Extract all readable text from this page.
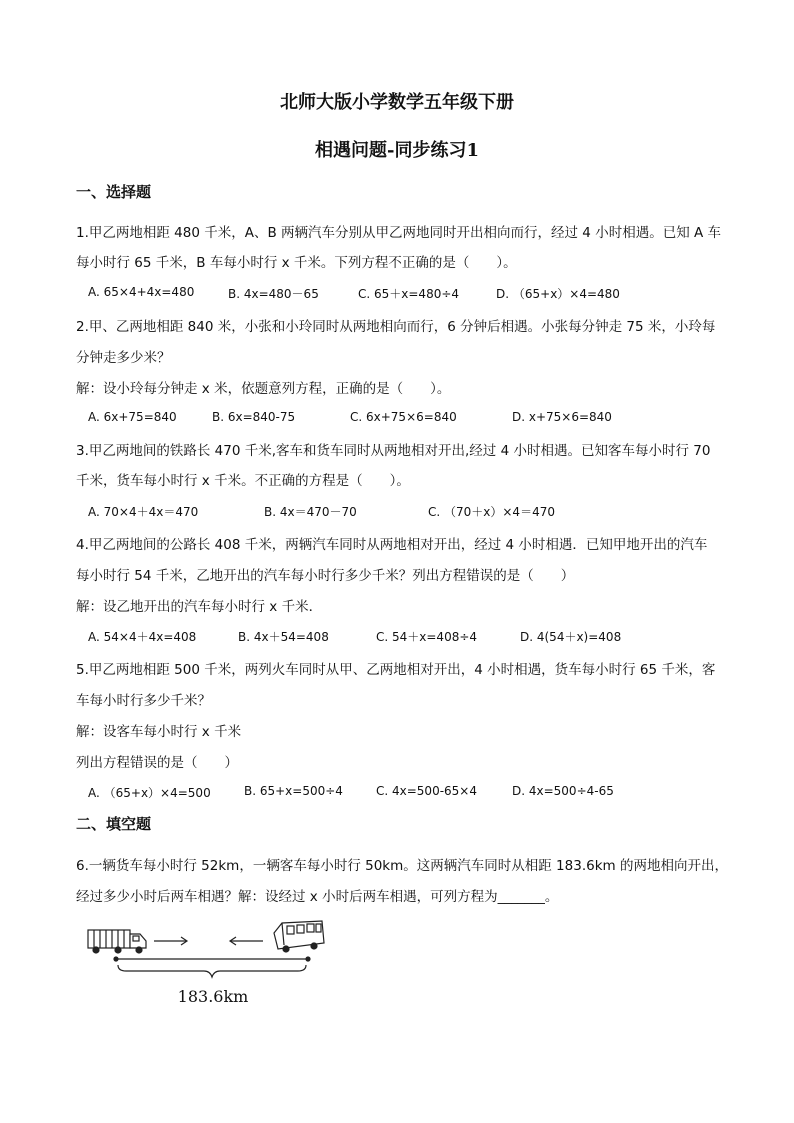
北师大版小学数学五年级下册
相遇问题-同步练习1
一、选择题
1.甲乙两地相距 480 千米，A、B 两辆汽车分别从甲乙两地同时开出相向而行，经过 4 小时相遇。已知 A 车
每小时行 65 千米，B 车每小时行 x 千米。下列方程不正确的是（　　）。
A. 65×4+4x=480	B. 4x=480－65	C. 65＋x=480÷4	D. （65+x）×4=480
2.甲、乙两地相距 840 米，小张和小玲同时从两地相向而行，6 分钟后相遇。小张每分钟走 75 米，小玲每
分钟走多少米？
解：设小玲每分钟走 x 米，依题意列方程，正确的是（　　）。
A. 6x+75=840	B. 6x=840-75	C. 6x+75×6=840	D. x+75×6=840
3.甲乙两地间的铁路长 470 千米,客车和货车同时从两地相对开出,经过 4 小时相遇。已知客车每小时行 70
千米，货车每小时行 x 千米。不正确的方程是（　　）。
A. 70×4＋4x＝470	B. 4x＝470－70	C. （70＋x）×4＝470
4.甲乙两地间的公路长 408 千米，两辆汽车同时从两地相对开出，经过 4 小时相遇．已知甲地开出的汽车
每小时行 54 千米，乙地开出的汽车每小时行多少千米？列出方程错误的是（　　）
解：设乙地开出的汽车每小时行 x 千米．
A. 54×4＋4x=408	B. 4x＋54=408	C. 54＋x=408÷4	D. 4(54＋x)=408
5.甲乙两地相距 500 千米，两列火车同时从甲、乙两地相对开出，4 小时相遇，货车每小时行 65 千米，客
车每小时行多少千米？
解：设客车每小时行 x 千米
列出方程错误的是（　　）
A. （65+x）×4=500	B. 65+x=500÷4	C. 4x=500-65×4	D. 4x=500÷4-65
二、填空题
6.一辆货车每小时行 52km，一辆客车每小时行 50km。这两辆汽车同时从相距 183.6km 的两地相向开出，
经过多少小时后两车相遇？解：设经过 x 小时后两车相遇，可列方程为_______。
183.6km
